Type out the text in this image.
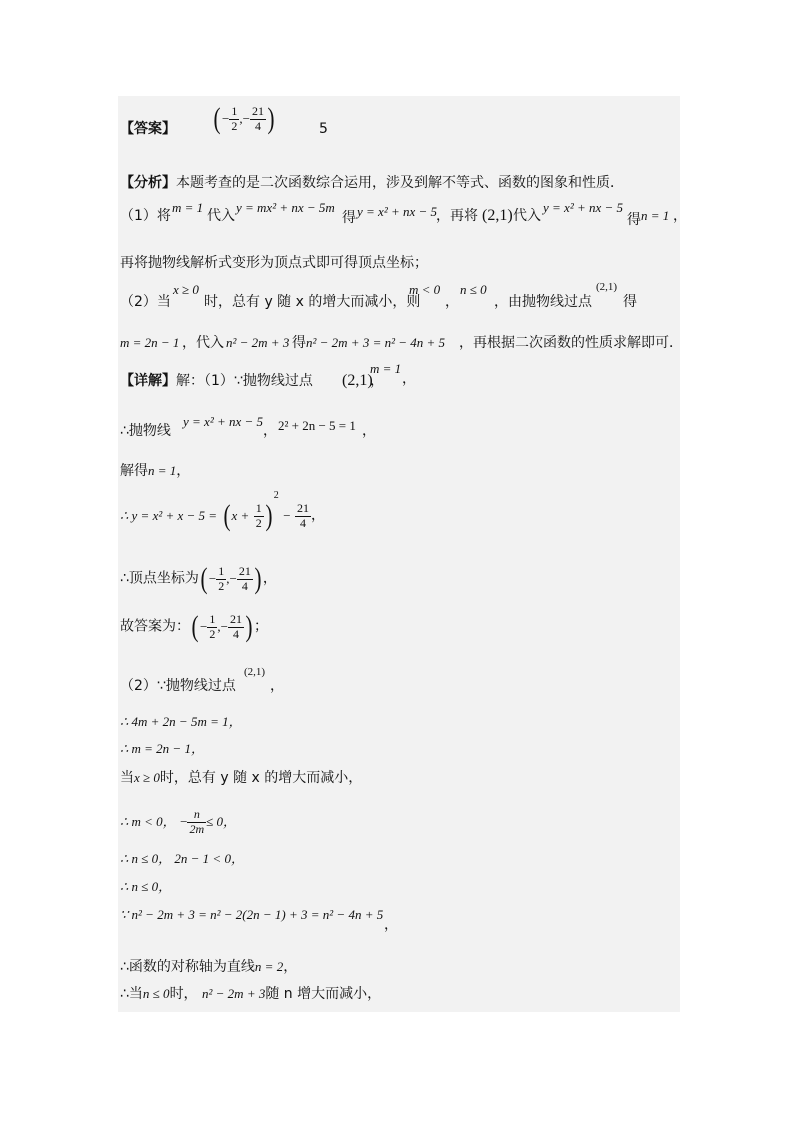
【答案】 ( − $\frac{1}{2}$ ,− $\frac{21}{4}$ )	5
【分析】本题考查的是二次函数综合运用，涉及到解不等式、函数的图象和性质．
（1）将
m = 1
代入
y = mx² + nx − 5m
得 y = x² + nx − 5
，再将 (2,1) 代入
y = x² + nx − 5
得 n = 1 ，
再将抛物线解析式变形为顶点式即可得顶点坐标；
（2）当
x ≥ 0
时，总有 y 随 x 的增大而减小，则
m < 0
，
n ≤ 0
，由抛物线过点
(2,1)
得
m = 2n − 1 ，代入 n² − 2m + 3 得 n² − 2m + 3 = n² − 4n + 5 ，再根据二次函数的性质求解即可．
【详解】解：（1）∵抛物线过点 (2,1)
，
m = 1
，
∴抛物线
y = x² + nx − 5
， 2² + 2n − 5 = 1 ，
解得n = 1，
∴ y = x² + x − 5 = ( $x + \frac{1}{2} )^2 - \frac{21}{4}$ ，
∴顶点坐标为( − $\frac{1}{2}$ ,− $\frac{21}{4}$ ) ，
故答案为：( − $\frac{1}{2}$ ,− $\frac{21}{4}$ ) ；
（2）∵抛物线过点
(2,1)
，
∴ 4m + 2n − 5m = 1，
∴ m = 2n − 1，
当x ≥ 0时，总有 y 随 x 的增大而减小，
∴ m < 0， − $\frac{n}{2m} \le 0$，
∴ n ≤ 0， 2n − 1 < 0，
∴ n ≤ 0，
∵ n² − 2m + 3 = n² − 2(2n − 1) + 3 = n² − 4n + 5
，
∴函数的对称轴为直线n = 2，
∴当n ≤ 0时， n² − 2m + 3随 n 增大而减小，
